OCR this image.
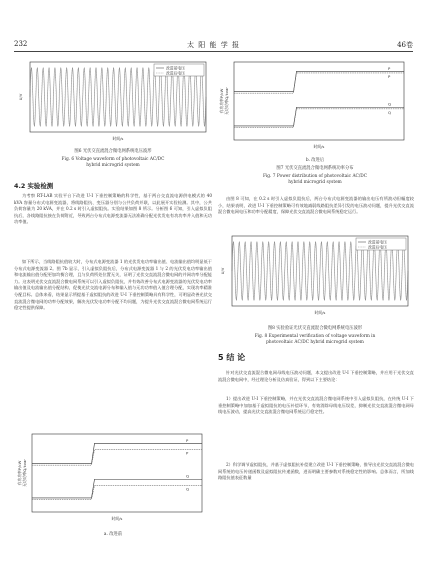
232	太 阳 能 学 报	46卷
改进前电压
改进后电压
U/V
时间/s
图6 光伏交直流混合微电网系统电压波形
Fig. 6 Voltage waveform of photovoltaic AC/DC
hybrid microgrid system
4.2 实验检测
为考察 RT-LAB 实验平台下改进 U-I 下垂控制策略的科学性，基于两台交直流电源供电模式的 40 kVA 容量分布式电源变流器，将线路阻抗、变压器分别与公共负荷并联，以此展开实验检测。其中，公共负荷容量为 20 kVA，并在 0.2 s 时引入虚拟阻抗。实验结果如图 8 所示。分析图 6 可知，引入虚拟负阻抗后，各线路阻抗接在负荷附近，导致两台分布式电源变流器无法准确分配光伏发电有功功率并入值和无功功率值。
如下所示，当线路阻抗值较大时，分布式电源变流器 1 的光伏发电功率输出值、电流输出值均明显低于分布式电源变流器 2。图 7b 显示，引入虚拟负阻抗后，分布式电源变流器 1 与 2 的光伏发电功率输出值和电流输出值分配更加均衡合理，且与负荷所处位置无关，证明了光伏交直流混合微电网的并网功率分配能力。这表明光伏交直流混合微电网系统可以引入虚拟负阻抗，并有效改善分布式电源变流器的光伏发电功率输出值及电流输出值分配结构，促使光伏交流电源分布和输入值与无功功率值入值合理分配，实现功率精准分配目标。总体来看，结果显示所提基于虚拟阻抗的改进 U-I 下垂控制策略具有科学性，可明显改善光伏交直流混合微电网的功率分配效果，解决光伏发电功率分配不均问题，为提升光伏交直流混合微电网系统运行稳定性提供保障。
P
P
Q
Q
有功功率P/kW 无功功率Q/kvar
时间/s
a. 改进前
P
P
Q
Q
有功功率P/kW 无功功率Q/kvar
时间/s
b. 改进后
图7 光伏交直流混合微电网系统功率分布
Fig. 7 Power distribution of photovoltaic AC/DC
hybrid microgrid system
由图 8 可知，在 0.2 s 时引入虚拟负阻抗后，两台分布式电源变流器的输出电压有所波动但幅度较小，结果表明，改进 U-I 下垂控制策略可有效地减弱线路阻抗差异引发的电压波动问题，提升光伏交直流混合微电网电压和功率分配精度，保障光伏交直流混合微电网系统稳定运行。
改进前电压
改进后电压
U/V
时间/s
图8 实验验证光伏交直流混合微电网系统电压波形
Fig. 8 Experimental verification of voltage waveform in
photovoltaic AC/DC hybrid microgrid system
5 结 论
针对光伏交直流混合微电网母线电压波动问题，本文提出改进 U-I 下垂控制策略，并应用于光伏交直流混合微电网中，经过理论分析及仿真验证，得到以下主要结论：
1）提出改进 U-I 下垂控制策略，并在光伏交直流混合微电网系统中引入虚拟负阻抗，在传统 U-I 下垂控制策略中加加基于虚拟阻抗的电压补偿环节，有效消除母线电压误差，抑制光伏交直流混合微电网母线电压波动，提高光伏交直流混合微电网系统运行稳定性。
2）科学调节虚拟阻抗，并基于虚拟阻抗补偿建立改进 U-I 下垂控制策略，推导出光伏交直流混合微电网系统的电压传递函数及虚拟阻抗传递函数，进而明确主要参数对系统稳定性的影响。总体而言，所加线路阻抗值表征数量
